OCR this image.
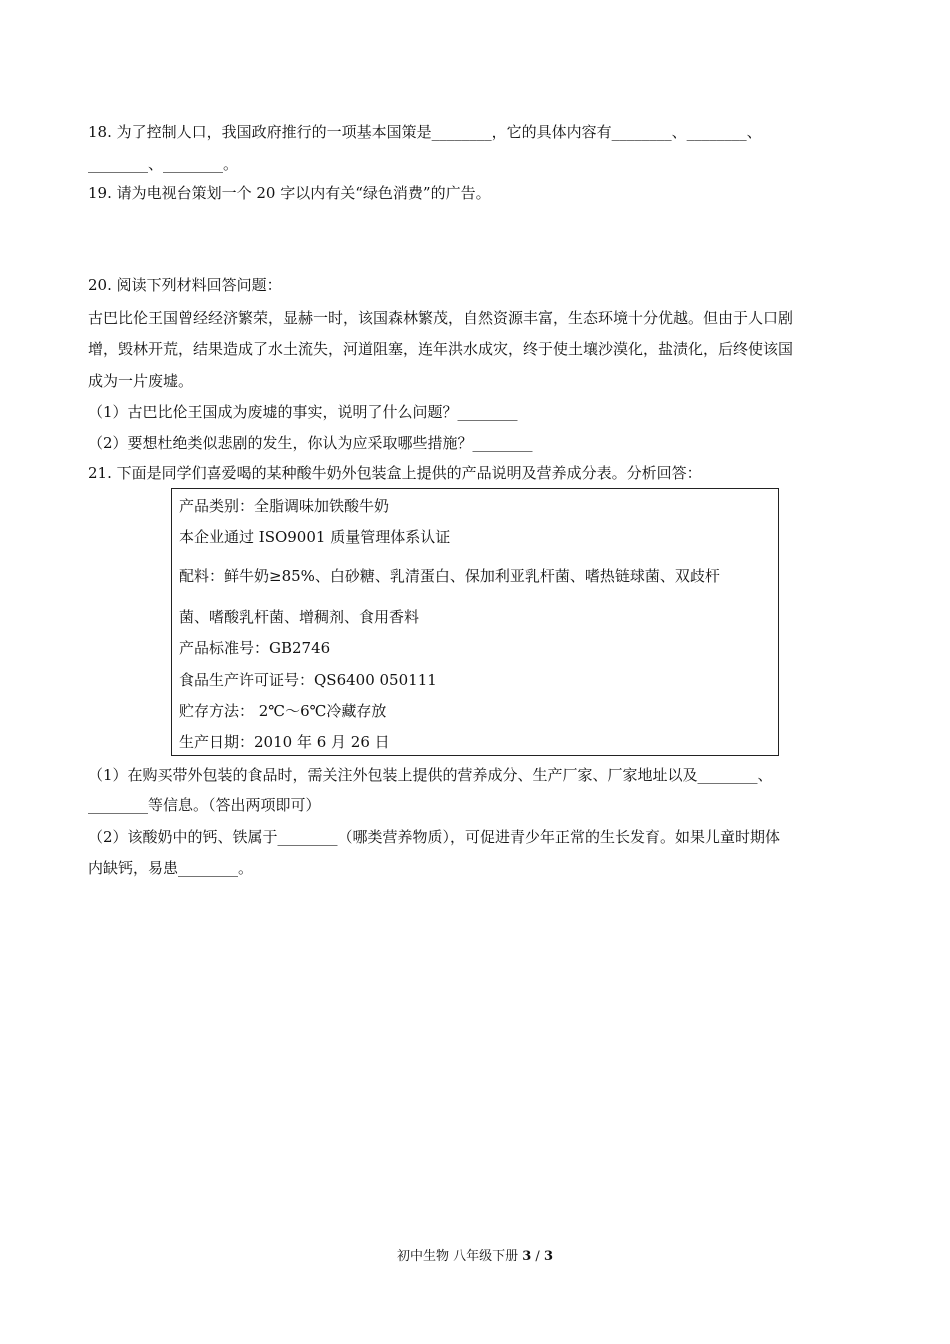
18. 为了控制人口，我国政府推行的一项基本国策是________，它的具体内容有________、________、
________、________。
19. 请为电视台策划一个 20 字以内有关“绿色消费”的广告。
20. 阅读下列材料回答问题：
古巴比伦王国曾经经济繁荣，显赫一时，该国森林繁茂，自然资源丰富，生态环境十分优越。但由于人口剧
增，毁林开荒，结果造成了水土流失，河道阻塞，连年洪水成灾，终于使土壤沙漠化，盐渍化，后终使该国
成为一片废墟。
（1）古巴比伦王国成为废墟的事实，说明了什么问题？________
（2）要想杜绝类似悲剧的发生，你认为应采取哪些措施？________
21. 下面是同学们喜爱喝的某种酸牛奶外包装盒上提供的产品说明及营养成分表。分析回答：
产品类别：全脂调味加铁酸牛奶
本企业通过 ISO9001 质量管理体系认证
配料：鲜牛奶≥85%、白砂糖、乳清蛋白、保加利亚乳杆菌、嗜热链球菌、双歧杆
菌、嗜酸乳杆菌、增稠剂、食用香料
产品标准号：GB2746
食品生产许可证号：QS6400 050111
贮存方法： 2℃～6℃冷藏存放
生产日期：2010 年 6 月 26 日
（1）在购买带外包装的食品时，需关注外包装上提供的营养成分、生产厂家、厂家地址以及________、
________等信息。（答出两项即可）
（2）该酸奶中的钙、铁属于________（哪类营养物质），可促进青少年正常的生长发育。如果儿童时期体
内缺钙，易患________。
初中生物 八年级下册 3 / 3
